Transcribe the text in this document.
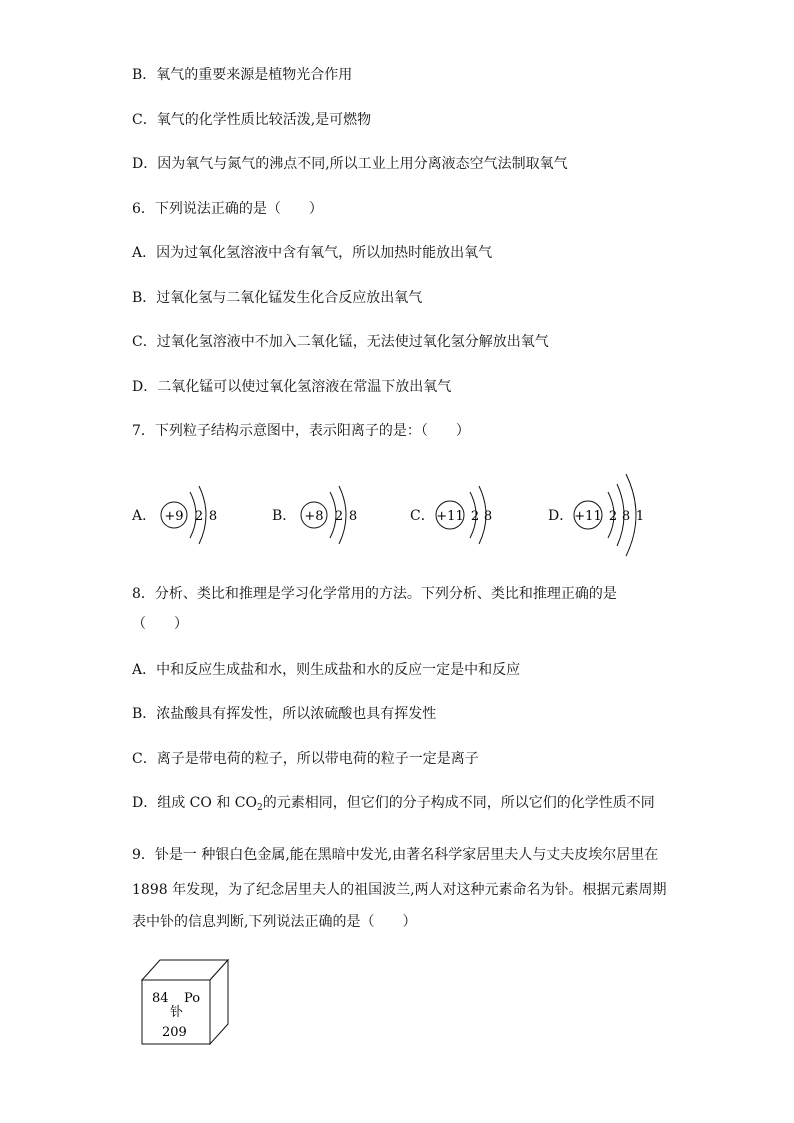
B．氧气的重要来源是植物光合作用
C．氧气的化学性质比较活泼,是可燃物
D．因为氧气与氮气的沸点不同,所以工业上用分离液态空气法制取氧气
6．下列说法正确的是（　　）
A．因为过氧化氢溶液中含有氧气，所以加热时能放出氧气
B．过氧化氢与二氧化锰发生化合反应放出氧气
C．过氧化氢溶液中不加入二氧化锰，无法使过氧化氢分解放出氧气
D．二氧化锰可以使过氧化氢溶液在常温下放出氧气
7．下列粒子结构示意图中，表示阳离子的是：（　　）
A． +9 2 8	B． +8 2 8	C． +11 2 8	D． +11 2 8 1
8．分析、类比和推理是学习化学常用的方法。下列分析、类比和推理正确的是
（　　）
A．中和反应生成盐和水，则生成盐和水的反应一定是中和反应
B．浓盐酸具有挥发性，所以浓硫酸也具有挥发性
C．离子是带电荷的粒子，所以带电荷的粒子一定是离子
D．组成 CO 和 $CO_2$的元素相同，但它们的分子构成不同，所以它们的化学性质不同
9．钋是一 种银白色金属,能在黑暗中发光,由著名科学家居里夫人与丈夫皮埃尔居里在
1898 年发现，为了纪念居里夫人的祖国波兰,两人对这种元素命名为钋。根据元素周期
表中钋的信息判断,下列说法正确的是（　　）
84 Po
钋
209
